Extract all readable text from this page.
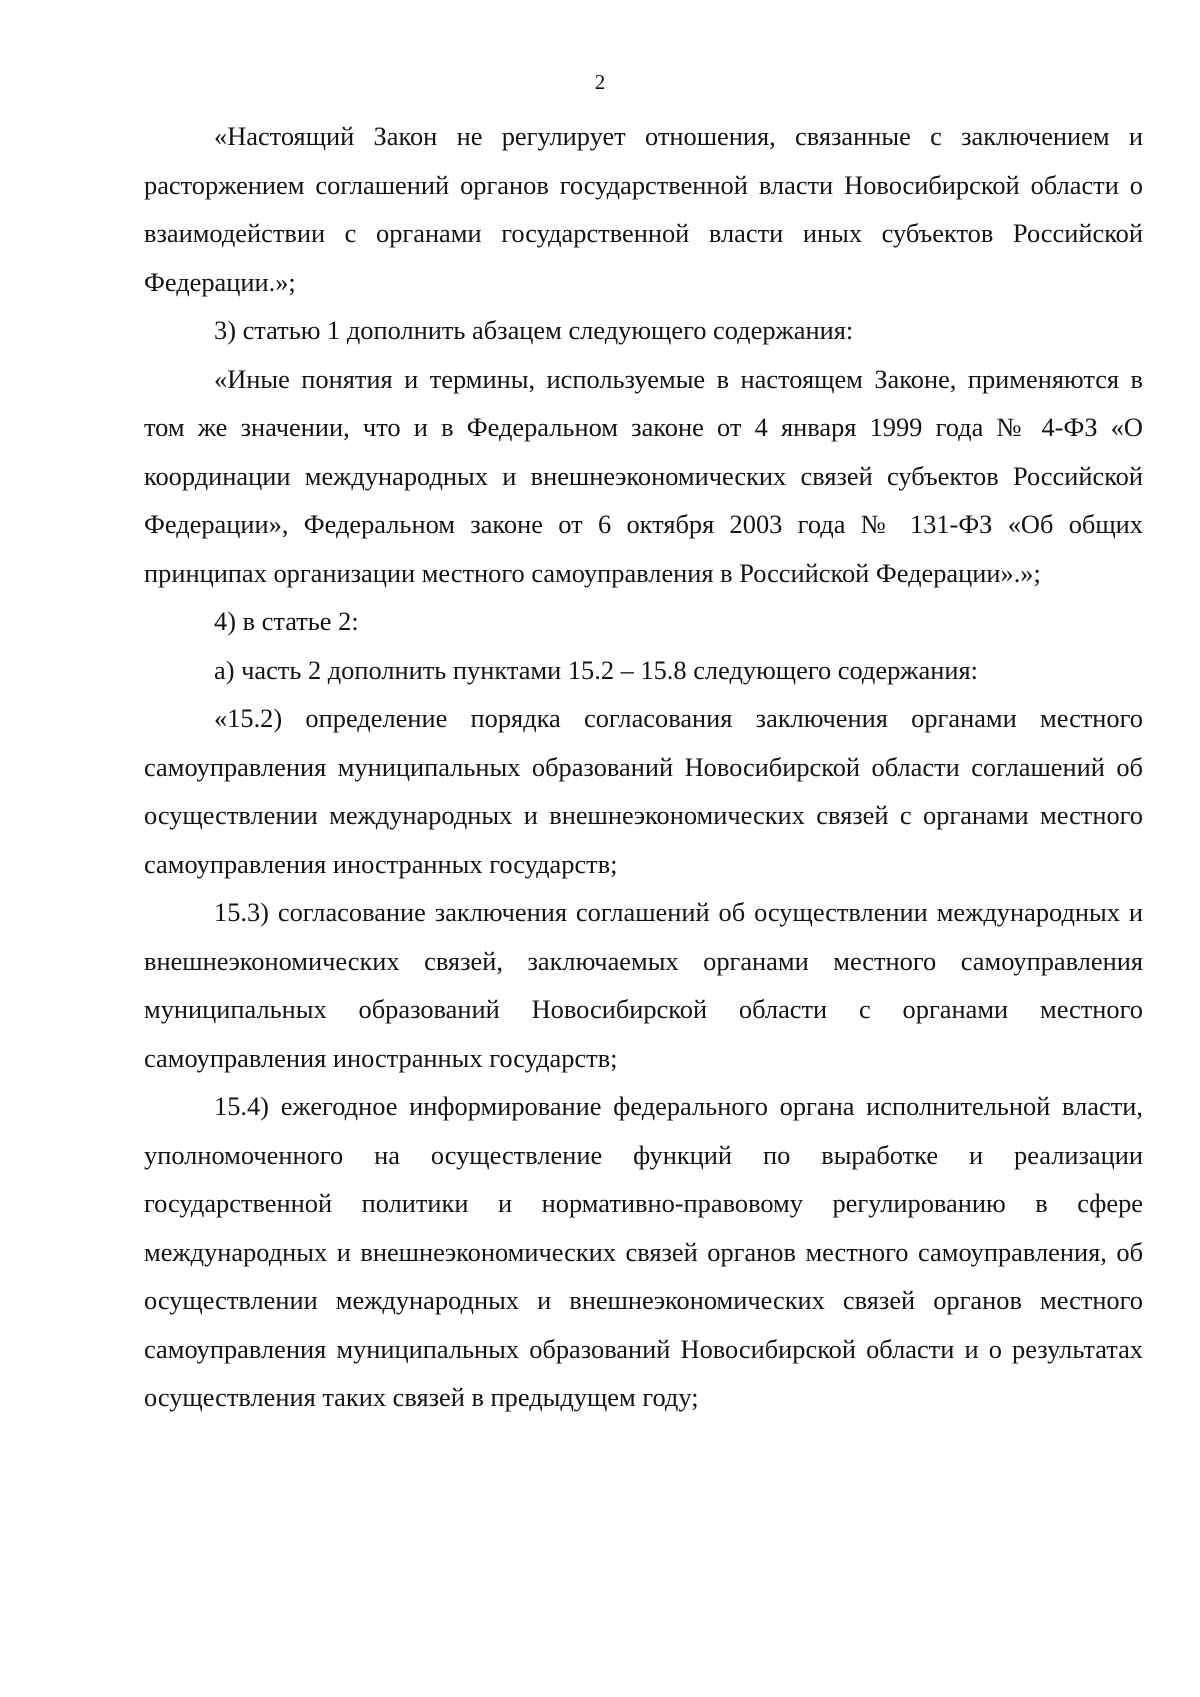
2

«Настоящий Закон не регулирует отношения, связанные с заключением и расторжением соглашений органов государственной власти Новосибирской области о взаимодействии с органами государственной власти иных субъектов Российской Федерации.»;

3) статью 1 дополнить абзацем следующего содержания:

«Иные понятия и термины, используемые в настоящем Законе, применяются в том же значении, что и в Федеральном законе от 4 января 1999 года № 4-ФЗ «О координации международных и внешнеэкономических связей субъектов Российской Федерации», Федеральном законе от 6 октября 2003 года № 131-ФЗ «Об общих принципах организации местного самоуправления в Российской Федерации».»;

4) в статье 2:

а) часть 2 дополнить пунктами 15.2 – 15.8 следующего содержания:

«15.2) определение порядка согласования заключения органами местного самоуправления муниципальных образований Новосибирской области соглашений об осуществлении международных и внешнеэкономических связей с органами местного самоуправления иностранных государств;

15.3) согласование заключения соглашений об осуществлении международных и внешнеэкономических связей, заключаемых органами местного самоуправления муниципальных образований Новосибирской области с органами местного самоуправления иностранных государств;

15.4) ежегодное информирование федерального органа исполнительной власти, уполномоченного на осуществление функций по выработке и реализации государственной политики и нормативно-правовому регулированию в сфере международных и внешнеэкономических связей органов местного самоуправления, об осуществлении международных и внешнеэкономических связей органов местного самоуправления муниципальных образований Новосибирской области и о результатах осуществления таких связей в предыдущем году;
